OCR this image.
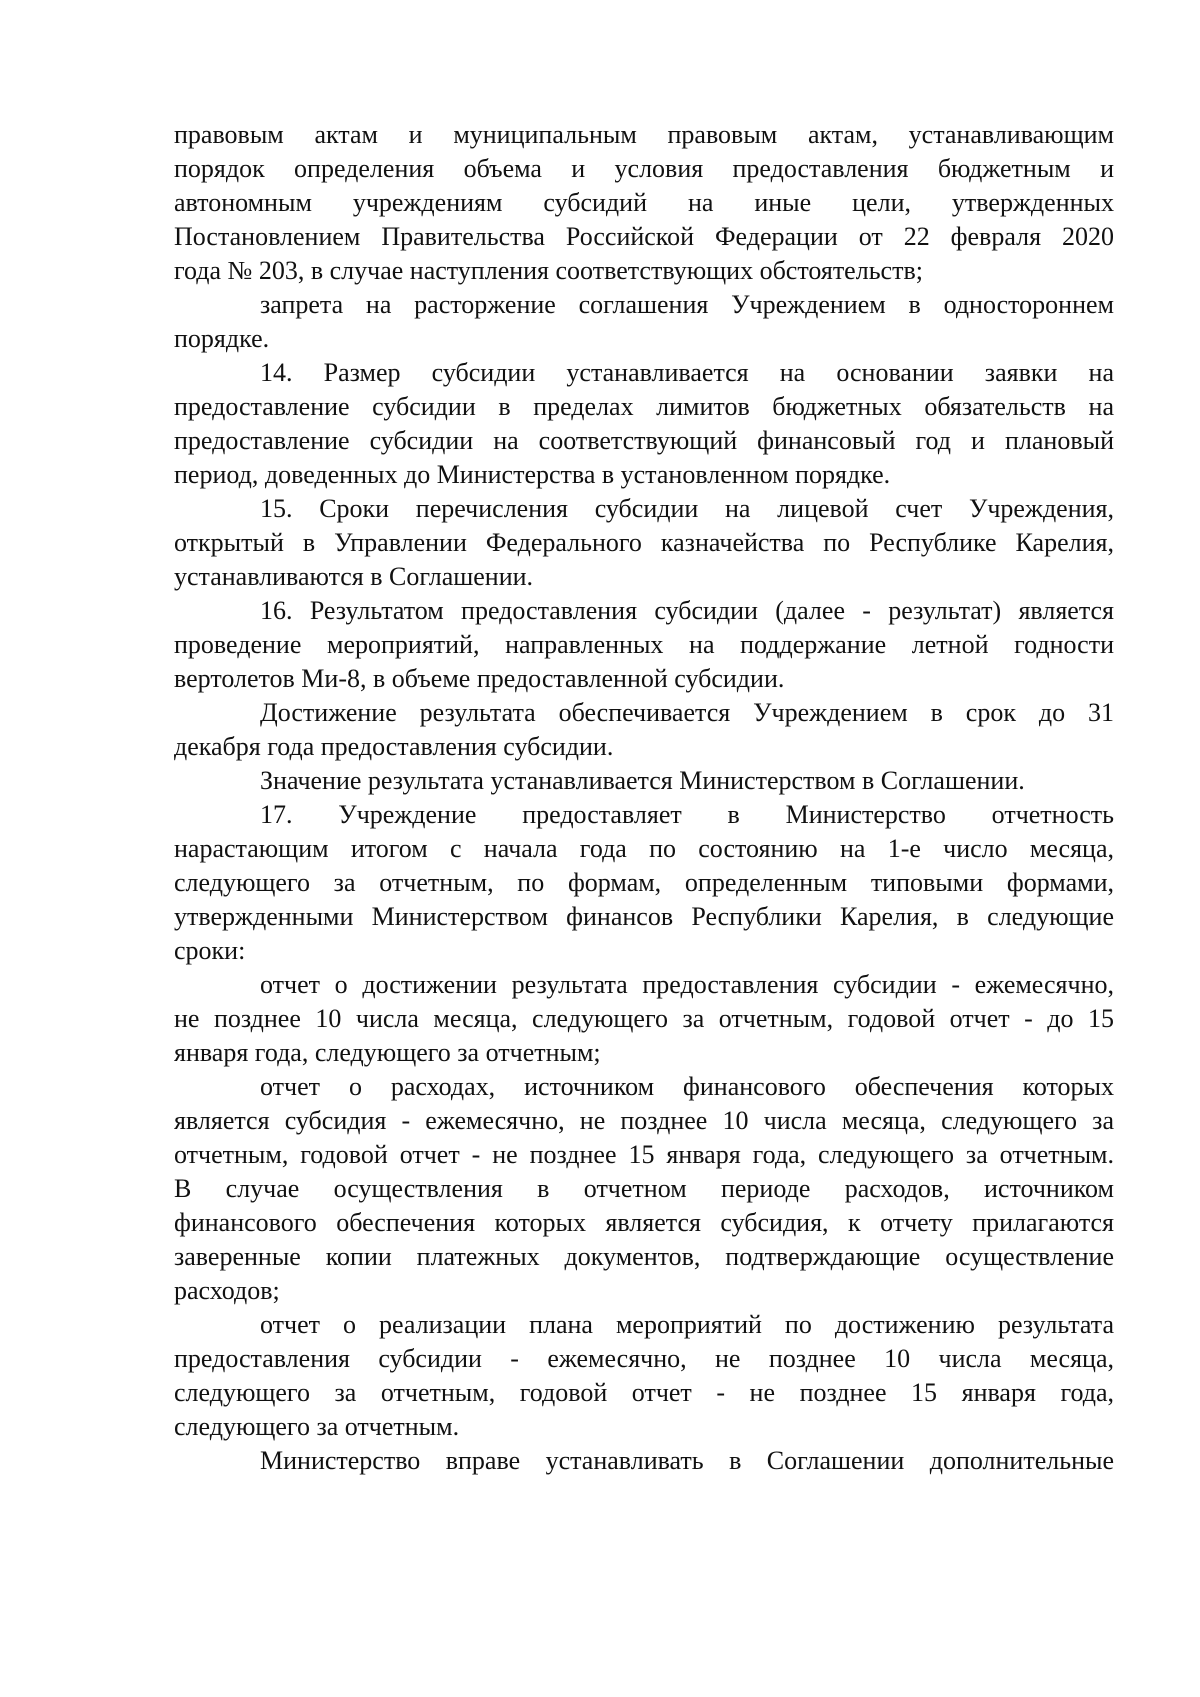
правовым актам и муниципальным правовым актам, устанавливающим
порядок определения объема и условия предоставления бюджетным и
автономным учреждениям субсидий на иные цели, утвержденных
Постановлением Правительства Российской Федерации от 22 февраля 2020
года № 203, в случае наступления соответствующих обстоятельств;
запрета на расторжение соглашения Учреждением в одностороннем
порядке.
14. Размер субсидии устанавливается на основании заявки на
предоставление субсидии в пределах лимитов бюджетных обязательств на
предоставление субсидии на соответствующий финансовый год и плановый
период, доведенных до Министерства в установленном порядке.
15. Сроки перечисления субсидии на лицевой счет Учреждения,
открытый в Управлении Федерального казначейства по Республике Карелия,
устанавливаются в Соглашении.
16. Результатом предоставления субсидии (далее - результат) является
проведение мероприятий, направленных на поддержание летной годности
вертолетов Ми-8, в объеме предоставленной субсидии.
Достижение результата обеспечивается Учреждением в срок до 31
декабря года предоставления субсидии.
Значение результата устанавливается Министерством в Соглашении.
17. Учреждение предоставляет в Министерство отчетность
нарастающим итогом с начала года по состоянию на 1-е число месяца,
следующего за отчетным, по формам, определенным типовыми формами,
утвержденными Министерством финансов Республики Карелия, в следующие
сроки:
отчет о достижении результата предоставления субсидии - ежемесячно,
не позднее 10 числа месяца, следующего за отчетным, годовой отчет - до 15
января года, следующего за отчетным;
отчет о расходах, источником финансового обеспечения которых
является субсидия - ежемесячно, не позднее 10 числа месяца, следующего за
отчетным, годовой отчет - не позднее 15 января года, следующего за отчетным.
В случае осуществления в отчетном периоде расходов, источником
финансового обеспечения которых является субсидия, к отчету прилагаются
заверенные копии платежных документов, подтверждающие осуществление
расходов;
отчет о реализации плана мероприятий по достижению результата
предоставления субсидии - ежемесячно, не позднее 10 числа месяца,
следующего за отчетным, годовой отчет - не позднее 15 января года,
следующего за отчетным.
Министерство вправе устанавливать в Соглашении дополнительные
